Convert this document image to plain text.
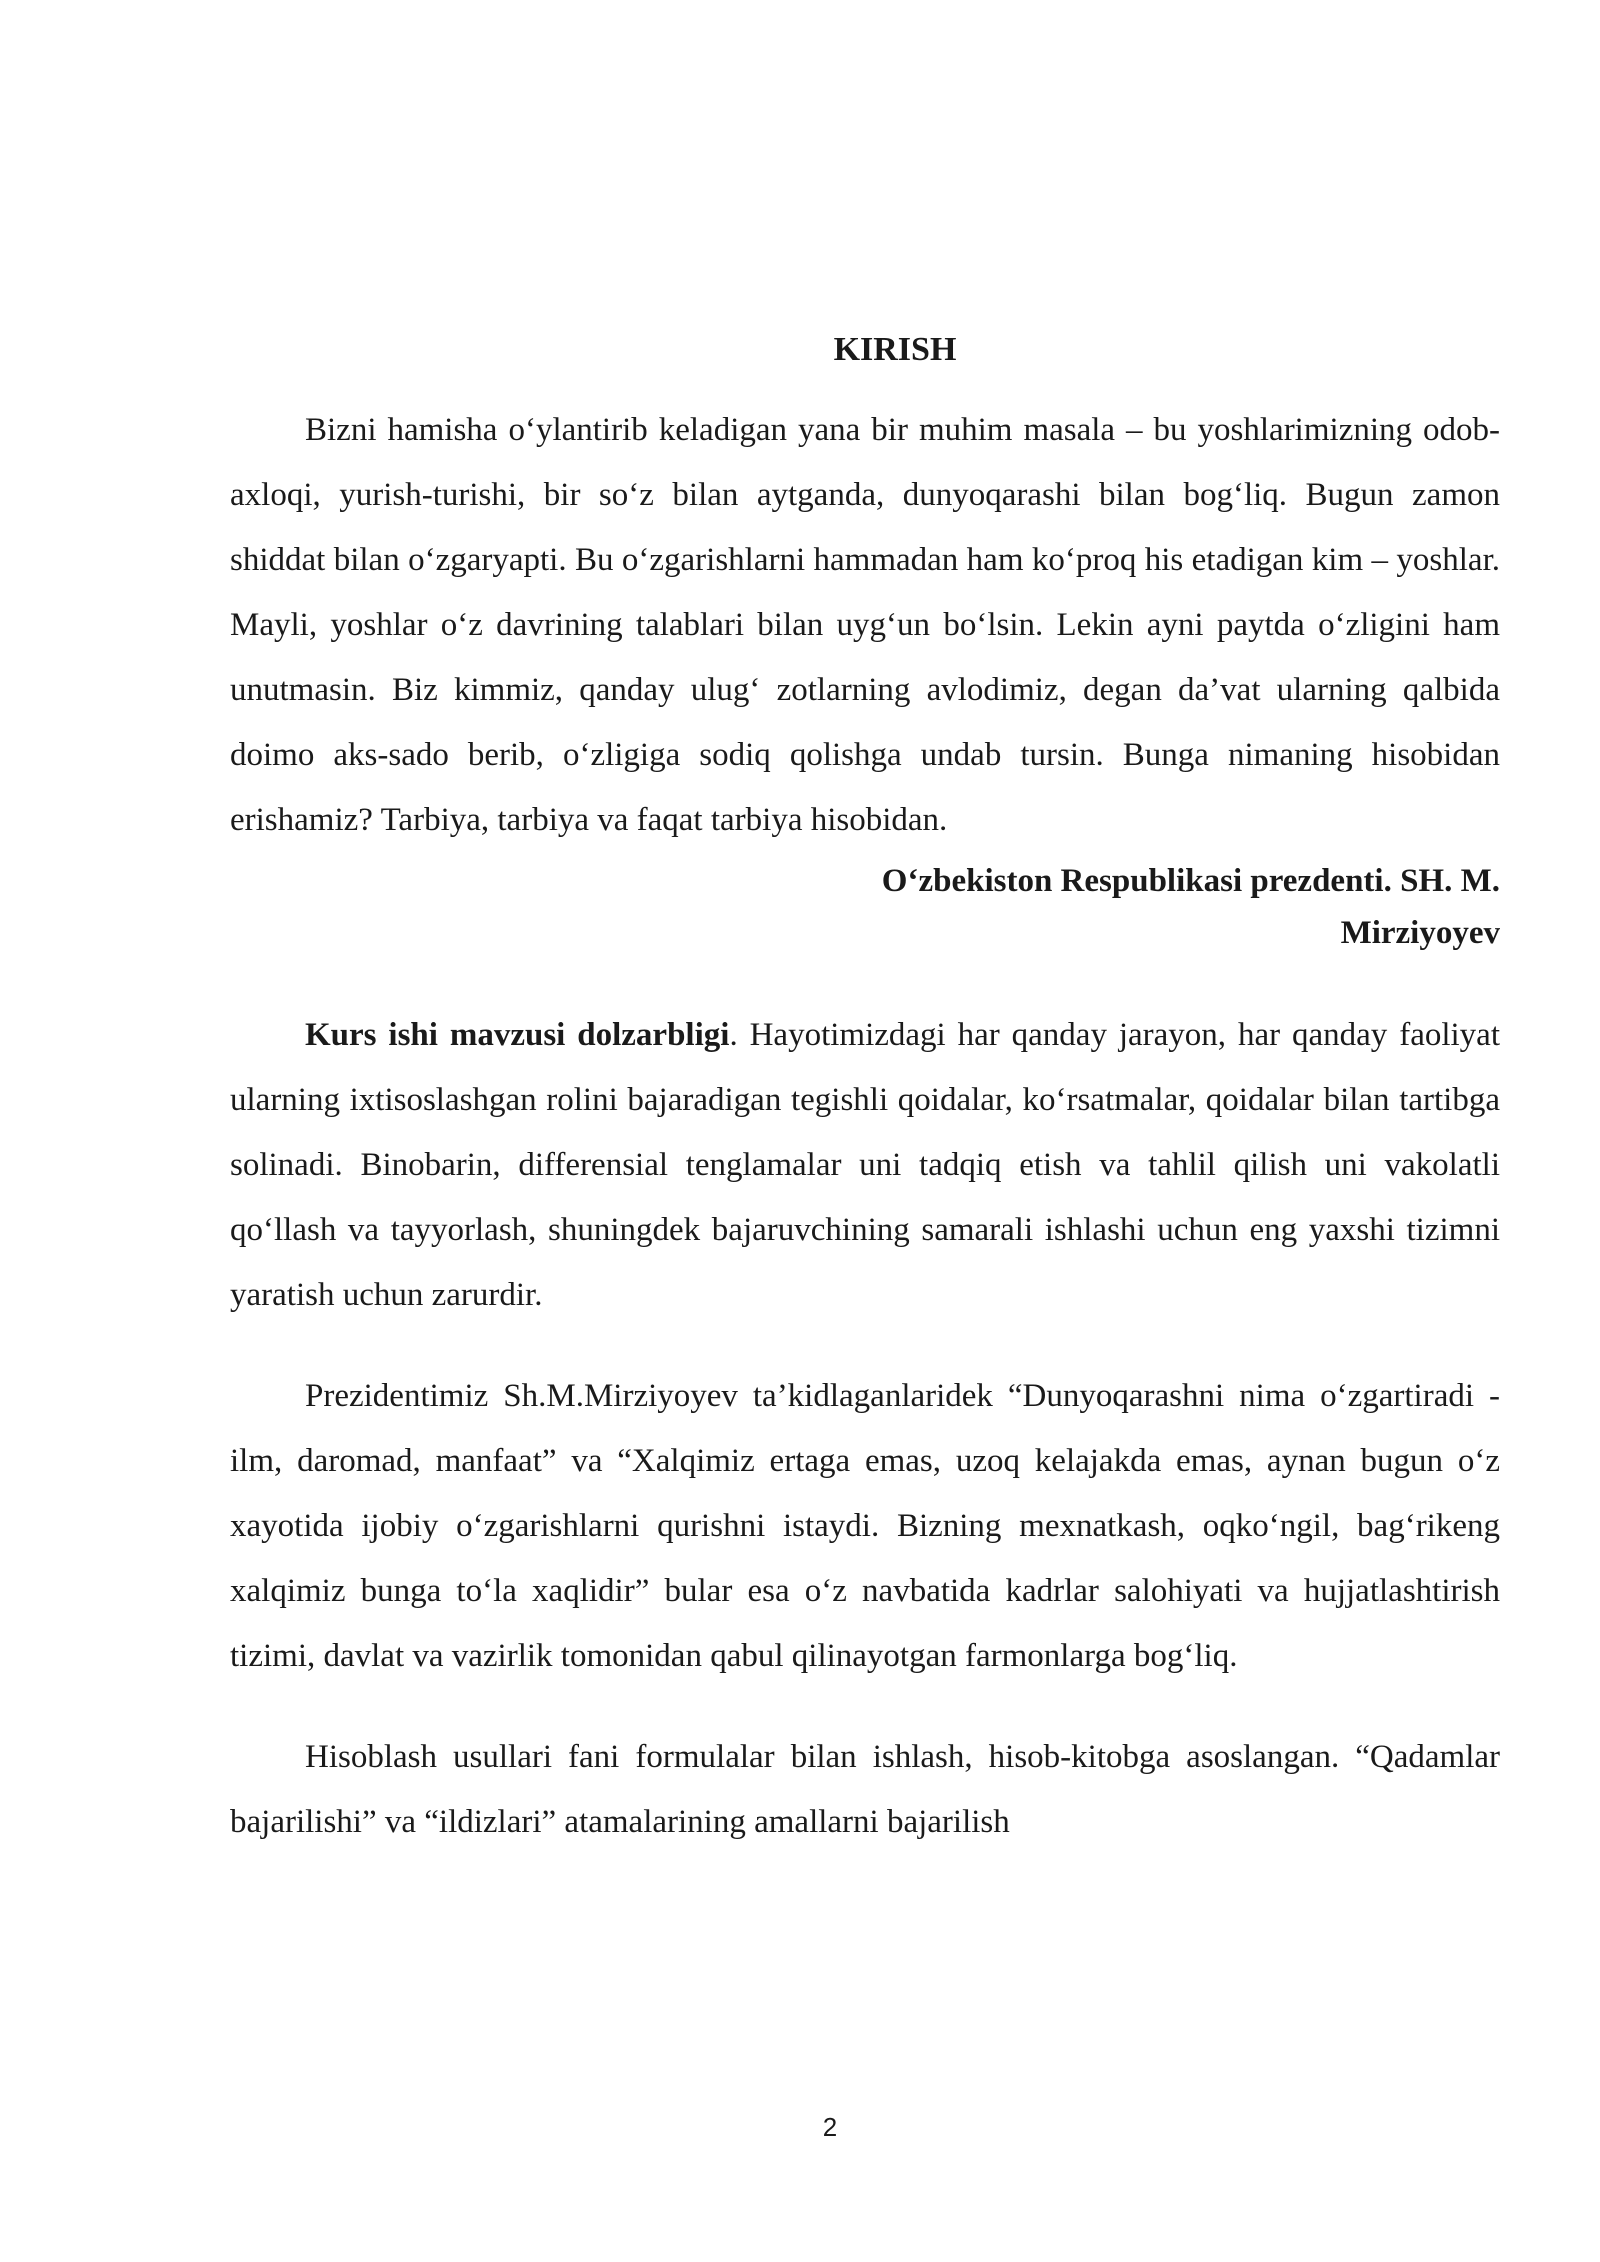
KIRISH

Bizni hamisha o‘ylantirib keladigan yana bir muhim masala – bu yoshlarimizning odob-axloqi, yurish-turishi, bir so‘z bilan aytganda, dunyoqarashi bilan bog‘liq. Bugun zamon shiddat bilan o‘zgaryapti. Bu o‘zgarishlarni hammadan ham ko‘proq his etadigan kim – yoshlar. Mayli, yoshlar o‘z davrining talablari bilan uyg‘un bo‘lsin. Lekin ayni paytda o‘zligini ham unutmasin. Biz kimmiz, qanday ulug‘ zotlarning avlodimiz, degan da’vat ularning qalbida doimo aks-sado berib, o‘zligiga sodiq qolishga undab tursin. Bunga nimaning hisobidan erishamiz? Tarbiya, tarbiya va faqat tarbiya hisobidan.

O‘zbekiston Respublikasi prezdenti. SH. M. Mirziyoyev

Kurs ishi mavzusi dolzarbligi. Hayotimizdagi har qanday jarayon, har qanday faoliyat ularning ixtisoslashgan rolini bajaradigan tegishli qoidalar, ko‘rsatmalar, qoidalar bilan tartibga solinadi. Binobarin, differensial tenglamalar uni tadqiq etish va tahlil qilish uni vakolatli qo‘llash va tayyorlash, shuningdek bajaruvchining samarali ishlashi uchun eng yaxshi tizimni yaratish uchun zarurdir.

Prezidentimiz Sh.M.Mirziyoyev ta’kidlaganlaridek “Dunyoqarashni nima o‘zgartiradi - ilm, daromad, manfaat” va “Xalqimiz ertaga emas, uzoq kelajakda emas, aynan bugun o‘z xayotida ijobiy o‘zgarishlarni qurishni istaydi. Bizning mexnatkash, oqko‘ngil, bag‘rikeng xalqimiz bunga to‘la xaqlidir” bular esa o‘z navbatida kadrlar salohiyati va hujjatlashtirish tizimi, davlat va vazirlik tomonidan qabul qilinayotgan farmonlarga bog‘liq.

Hisoblash usullari fani formulalar bilan ishlash, hisob-kitobga asoslangan. “Qadamlar bajarilishi” va “ildizlari” atamalarining amallarni bajarilish

2
